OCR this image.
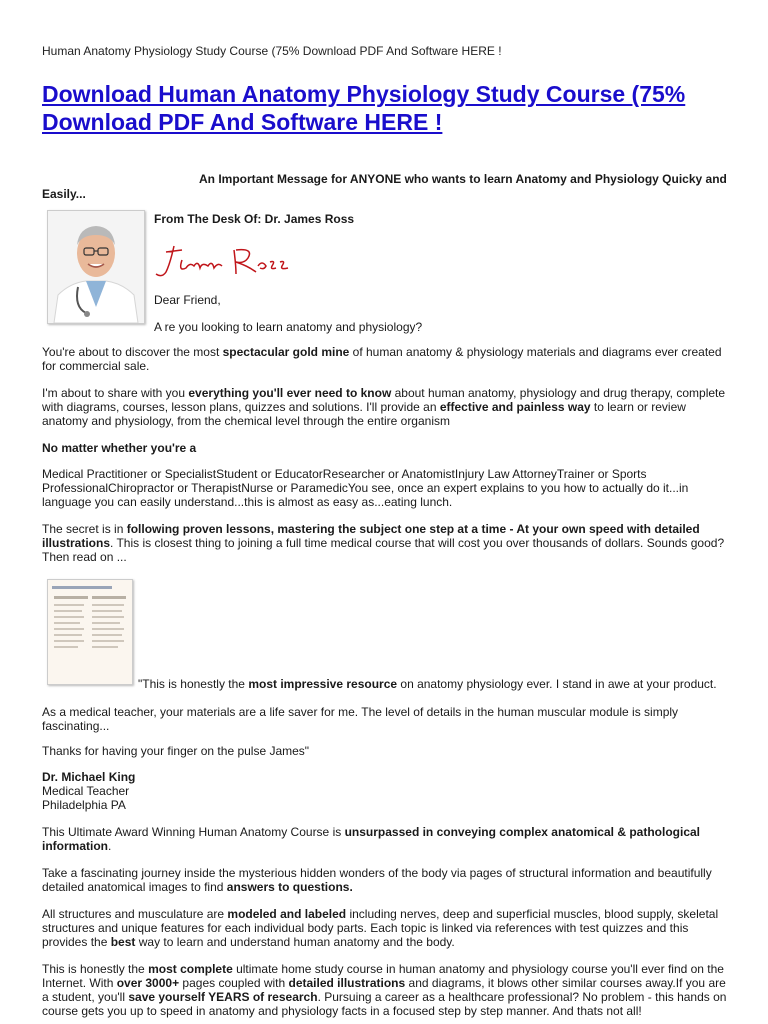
Human Anatomy Physiology Study Course (75% Download PDF And Software HERE !
Download Human Anatomy Physiology Study Course (75% Download PDF And Software HERE !
An Important Message for ANYONE who wants to learn Anatomy and Physiology Quicky and
Easily...
From The Desk Of: Dr. James Ross
Dear Friend,
A re you looking to learn anatomy and physiology?
You're about to discover the most spectacular gold mine of human anatomy & physiology materials and diagrams ever created for commercial sale.
I'm about to share with you everything you'll ever need to know about human anatomy, physiology and drug therapy, complete with diagrams, courses, lesson plans, quizzes and solutions. I'll provide an effective and painless way to learn or review anatomy and physiology, from the chemical level through the entire organism
No matter whether you're a
Medical Practitioner or SpecialistStudent or EducatorResearcher or AnatomistInjury Law AttorneyTrainer or Sports ProfessionalChiropractor or TherapistNurse or ParamedicYou see, once an expert explains to you how to actually do it...in language you can easily understand...this is almost as easy as...eating lunch.
The secret is in following proven lessons, mastering the subject one step at a time - At your own speed with detailed illustrations. This is closest thing to joining a full time medical course that will cost you over thousands of dollars. Sounds good? Then read on ...
"This is honestly the most impressive resource on anatomy physiology ever. I stand in awe at your product.
As a medical teacher, your materials are a life saver for me. The level of details in the human muscular module is simply fascinating...
Thanks for having your finger on the pulse James"
Dr. Michael King
Medical Teacher
Philadelphia PA
This Ultimate Award Winning Human Anatomy Course is unsurpassed in conveying complex anatomical & pathological information.
Take a fascinating journey inside the mysterious hidden wonders of the body via pages of structural information and beautifully detailed anatomical images to find answers to questions.
All structures and musculature are modeled and labeled including nerves, deep and superficial muscles, blood supply, skeletal structures and unique features for each individual body parts. Each topic is linked via references with test quizzes and this provides the best way to learn and understand human anatomy and the body.
This is honestly the most complete ultimate home study course in human anatomy and physiology course you'll ever find on the Internet. With over 3000+ pages coupled with detailed illustrations and diagrams, it blows other similar courses away.If you are a student, you'll save yourself YEARS of research. Pursuing a career as a healthcare professional? No problem - this hands on course gets you up to speed in anatomy and physiology facts in a focused step by step manner. And thats not all!
